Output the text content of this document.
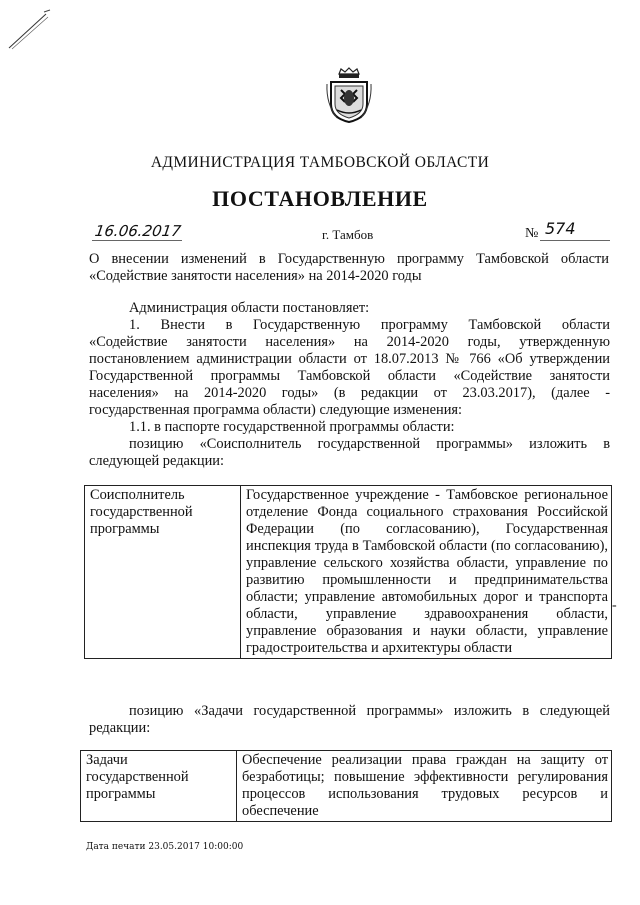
АДМИНИСТРАЦИЯ ТАМБОВСКОЙ ОБЛАСТИ
ПОСТАНОВЛЕНИЕ
16.06.2017	г. Тамбов	№ 574
О внесении изменений в Государственную программу Тамбовской области
«Содействие занятости населения» на 2014-2020 годы
Администрация области постановляет:
1. Внести в Государственную программу Тамбовской области
«Содействие занятости населения» на 2014-2020 годы, утвержденную
постановлением администрации области от 18.07.2013 № 766 «Об утверждении
Государственной программы Тамбовской области «Содействие занятости
населения» на 2014-2020 годы» (в редакции от 23.03.2017), (далее -
государственная программа области) следующие изменения:
1.1. в паспорте государственной программы области:
позицию «Соисполнитель государственной программы» изложить в
следующей редакции:
Соисполнитель государственной программы	Государственное учреждение - Тамбовское региональное отделение Фонда социального страхования Российской Федерации (по согласованию), Государственная инспекция труда в Тамбовской области (по согласованию), управление сельского хозяйства области, управление по развитию промышленности и предпринимательства области; управление автомобильных дорог и транспорта области, управление здравоохранения области, управление образования и науки области, управление градостроительства и архитектуры области
-
позицию «Задачи государственной программы» изложить в следующей
редакции:
Задачи государственной программы	Обеспечение реализации права граждан на защиту от безработицы; повышение эффективности регулирования процессов использования трудовых ресурсов и обеспечение
Дата печати 23.05.2017 10:00:00
